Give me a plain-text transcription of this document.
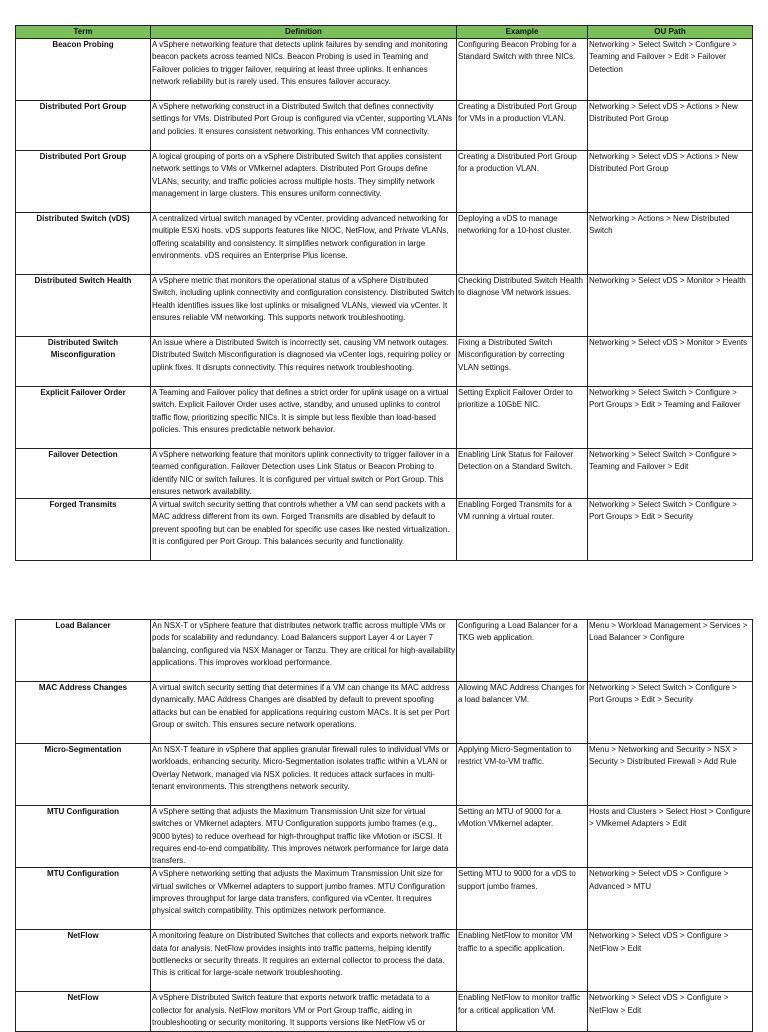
Term	Definition	Example	OU Path
Beacon Probing	A vSphere networking feature that detects uplink failures by sending and monitoring beacon packets across teamed NICs. Beacon Probing is used in Teaming and Failover policies to trigger failover, requiring at least three uplinks. It enhances network reliability but is rarely used. This ensures failover accuracy.	Configuring Beacon Probing for a Standard Switch with three NICs.	Networking > Select Switch > Configure > Teaming and Failover > Edit > Failover Detection
Distributed Port Group	A vSphere networking construct in a Distributed Switch that defines connectivity settings for VMs. Distributed Port Group is configured via vCenter, supporting VLANs and policies. It ensures consistent networking. This enhances VM connectivity.	Creating a Distributed Port Group for VMs in a production VLAN.	Networking > Select vDS > Actions > New Distributed Port Group
Distributed Port Group	A logical grouping of ports on a vSphere Distributed Switch that applies consistent network settings to VMs or VMkernel adapters. Distributed Port Groups define VLANs, security, and traffic policies across multiple hosts. They simplify network management in large clusters. This ensures uniform connectivity.	Creating a Distributed Port Group for a production VLAN.	Networking > Select vDS > Actions > New Distributed Port Group
Distributed Switch (vDS)	A centralized virtual switch managed by vCenter, providing advanced networking for multiple ESXi hosts. vDS supports features like NIOC, NetFlow, and Private VLANs, offering scalability and consistency. It simplifies network configuration in large environments. vDS requires an Enterprise Plus license.	Deploying a vDS to manage networking for a 10-host cluster.	Networking > Actions > New Distributed Switch
Distributed Switch Health	A vSphere metric that monitors the operational status of a vSphere Distributed Switch, including uplink connectivity and configuration consistency. Distributed Switch Health identifies issues like lost uplinks or misaligned VLANs, viewed via vCenter. It ensures reliable VM networking. This supports network troubleshooting.	Checking Distributed Switch Health to diagnose VM network issues.	Networking > Select vDS > Monitor > Health
Distributed Switch Misconfiguration	An issue where a Distributed Switch is incorrectly set, causing VM network outages. Distributed Switch Misconfiguration is diagnosed via vCenter logs, requiring policy or uplink fixes. It disrupts connectivity. This requires network troubleshooting.	Fixing a Distributed Switch Misconfiguration by correcting VLAN settings.	Networking > Select vDS > Monitor > Events
Explicit Failover Order	A Teaming and Failover policy that defines a strict order for uplink usage on a virtual switch. Explicit Failover Order uses active, standby, and unused uplinks to control traffic flow, prioritizing specific NICs. It is simple but less flexible than load-based policies. This ensures predictable network behavior.	Setting Explicit Failover Order to prioritize a 10GbE NIC.	Networking > Select Switch > Configure > Port Groups > Edit > Teaming and Failover
Failover Detection	A vSphere networking feature that monitors uplink connectivity to trigger failover in a teamed configuration. Failover Detection uses Link Status or Beacon Probing to identify NIC or switch failures. It is configured per virtual switch or Port Group. This ensures network availability.	Enabling Link Status for Failover Detection on a Standard Switch.	Networking > Select Switch > Configure > Teaming and Failover > Edit
Forged Transmits	A virtual switch security setting that controls whether a VM can send packets with a MAC address different from its own. Forged Transmits are disabled by default to prevent spoofing but can be enabled for specific use cases like nested virtualization. It is configured per Port Group. This balances security and functionality.	Enabling Forged Transmits for a VM running a virtual router.	Networking > Select Switch > Configure > Port Groups > Edit > Security
Load Balancer	An NSX-T or vSphere feature that distributes network traffic across multiple VMs or pods for scalability and redundancy. Load Balancers support Layer 4 or Layer 7 balancing, configured via NSX Manager or Tanzu. They are critical for high-availability applications. This improves workload performance.	Configuring a Load Balancer for a TKG web application.	Menu > Workload Management > Services > Load Balancer > Configure
MAC Address Changes	A virtual switch security setting that determines if a VM can change its MAC address dynamically. MAC Address Changes are disabled by default to prevent spoofing attacks but can be enabled for applications requiring custom MACs. It is set per Port Group or switch. This ensures secure network operations.	Allowing MAC Address Changes for a load balancer VM.	Networking > Select Switch > Configure > Port Groups > Edit > Security
Micro-Segmentation	An NSX-T feature in vSphere that applies granular firewall rules to individual VMs or workloads, enhancing security. Micro-Segmentation isolates traffic within a VLAN or Overlay Network, managed via NSX policies. It reduces attack surfaces in multi-tenant environments. This strengthens network security.	Applying Micro-Segmentation to restrict VM-to-VM traffic.	Menu > Networking and Security > NSX > Security > Distributed Firewall > Add Rule
MTU Configuration	A vSphere setting that adjusts the Maximum Transmission Unit size for virtual switches or VMkernel adapters. MTU Configuration supports jumbo frames (e.g., 9000 bytes) to reduce overhead for high-throughput traffic like vMotion or iSCSI. It requires end-to-end compatibility. This improves network performance for large data transfers.	Setting an MTU of 9000 for a vMotion VMkernel adapter.	Hosts and Clusters > Select Host > Configure > VMkernel Adapters > Edit
MTU Configuration	A vSphere networking setting that adjusts the Maximum Transmission Unit size for virtual switches or VMkernel adapters to support jumbo frames. MTU Configuration improves throughput for large data transfers, configured via vCenter. It requires physical switch compatibility. This optimizes network performance.	Setting MTU to 9000 for a vDS to support jumbo frames.	Networking > Select vDS > Configure > Advanced > MTU
NetFlow	A monitoring feature on Distributed Switches that collects and exports network traffic data for analysis. NetFlow provides insights into traffic patterns, helping identify bottlenecks or security threats. It requires an external collector to process the data. This is critical for large-scale network troubleshooting.	Enabling NetFlow to monitor VM traffic to a specific application.	Networking > Select vDS > Configure > NetFlow > Edit
NetFlow	A vSphere Distributed Switch feature that exports network traffic metadata to a collector for analysis. NetFlow monitors VM or Port Group traffic, aiding in troubleshooting or security monitoring. It supports versions like NetFlow v5 or	Enabling NetFlow to monitor traffic for a critical application VM.	Networking > Select vDS > Configure > NetFlow > Edit
